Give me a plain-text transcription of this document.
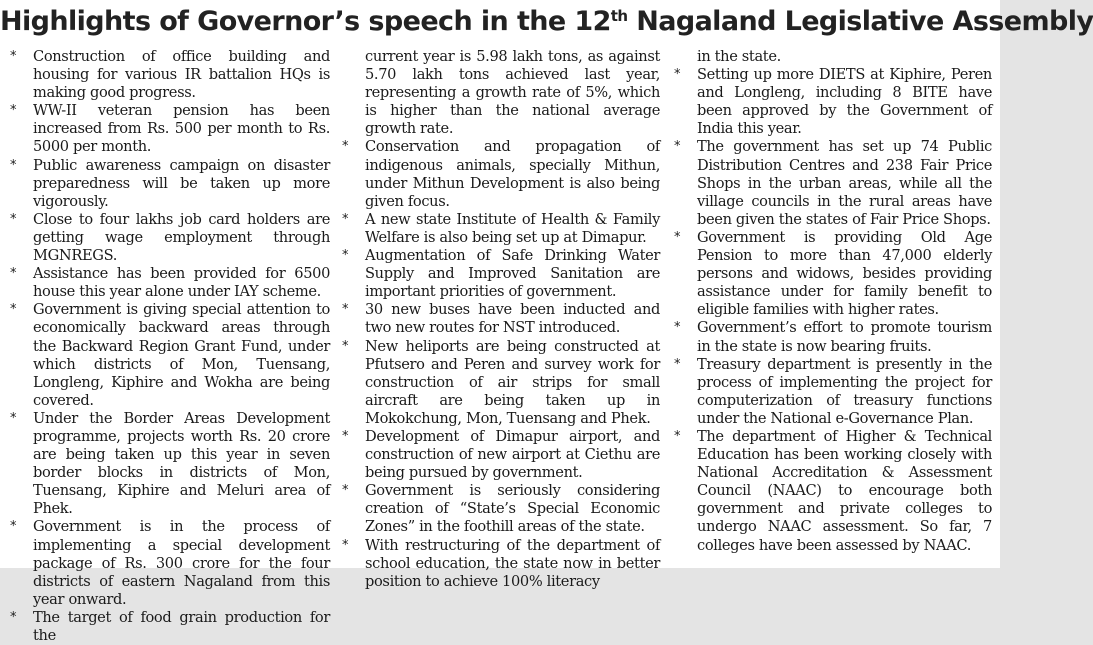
Highlights of Governor’s speech in the 12th Nagaland Legislative Assembly
* Construction of office building and housing for various IR battalion HQs is making good progress.
* WW-II veteran pension has been increased from Rs. 500 per month to Rs. 5000 per month.
* Public awareness campaign on disaster preparedness will be taken up more vigorously.
* Close to four lakhs job card holders are getting wage employment through MGNREGS.
* Assistance has been provided for 6500 house this year alone under IAY scheme.
* Government is giving special attention to economically backward areas through the Backward Region Grant Fund, under which districts of Mon, Tuensang, Longleng, Kiphire and Wokha are being covered.
* Under the Border Areas Development programme, projects worth Rs. 20 crore are being taken up this year in seven border blocks in districts of Mon, Tuensang, Kiphire and Meluri area of Phek.
* Government is in the process of implementing a special development package of Rs. 300 crore for the four districts of eastern Nagaland from this year onward.
* The target of food grain production for the
current year is 5.98 lakh tons, as against 5.70 lakh tons achieved last year, representing a growth rate of 5%, which is higher than the national average growth rate.
* Conservation and propagation of indigenous animals, specially Mithun, under Mithun Development is also being given focus.
* A new state Institute of Health & Family Welfare is also being set up at Dimapur.
* Augmentation of Safe Drinking Water Supply and Improved Sanitation are important priorities of government.
* 30 new buses have been inducted and two new routes for NST introduced.
* New heliports are being constructed at Pfutsero and Peren and survey work for construction of air strips for small aircraft are being taken up in Mokokchung, Mon, Tuensang and Phek.
* Development of Dimapur airport, and construction of new airport at Ciethu are being pursued by government.
* Government is seriously considering creation of “State’s Special Economic Zones” in the foothill areas of the state.
* With restructuring of the department of school education, the state now in better position to achieve 100% literacy
in the state.
* Setting up more DIETS at Kiphire, Peren and Longleng, including 8 BITE have been approved by the Government of India this year.
* The government has set up 74 Public Distribution Centres and 238 Fair Price Shops in the urban areas, while all the village councils in the rural areas have been given the states of Fair Price Shops.
* Government is providing Old Age Pension to more than 47,000 elderly persons and widows, besides providing assistance under for family benefit to eligible families with higher rates.
* Government’s effort to promote tourism in the state is now bearing fruits.
* Treasury department is presently in the process of implementing the project for computerization of treasury functions under the National e-Governance Plan.
* The department of Higher & Technical Education has been working closely with National Accreditation & Assessment Council (NAAC) to encourage both government and private colleges to undergo NAAC assessment. So far, 7 colleges have been assessed by NAAC.
